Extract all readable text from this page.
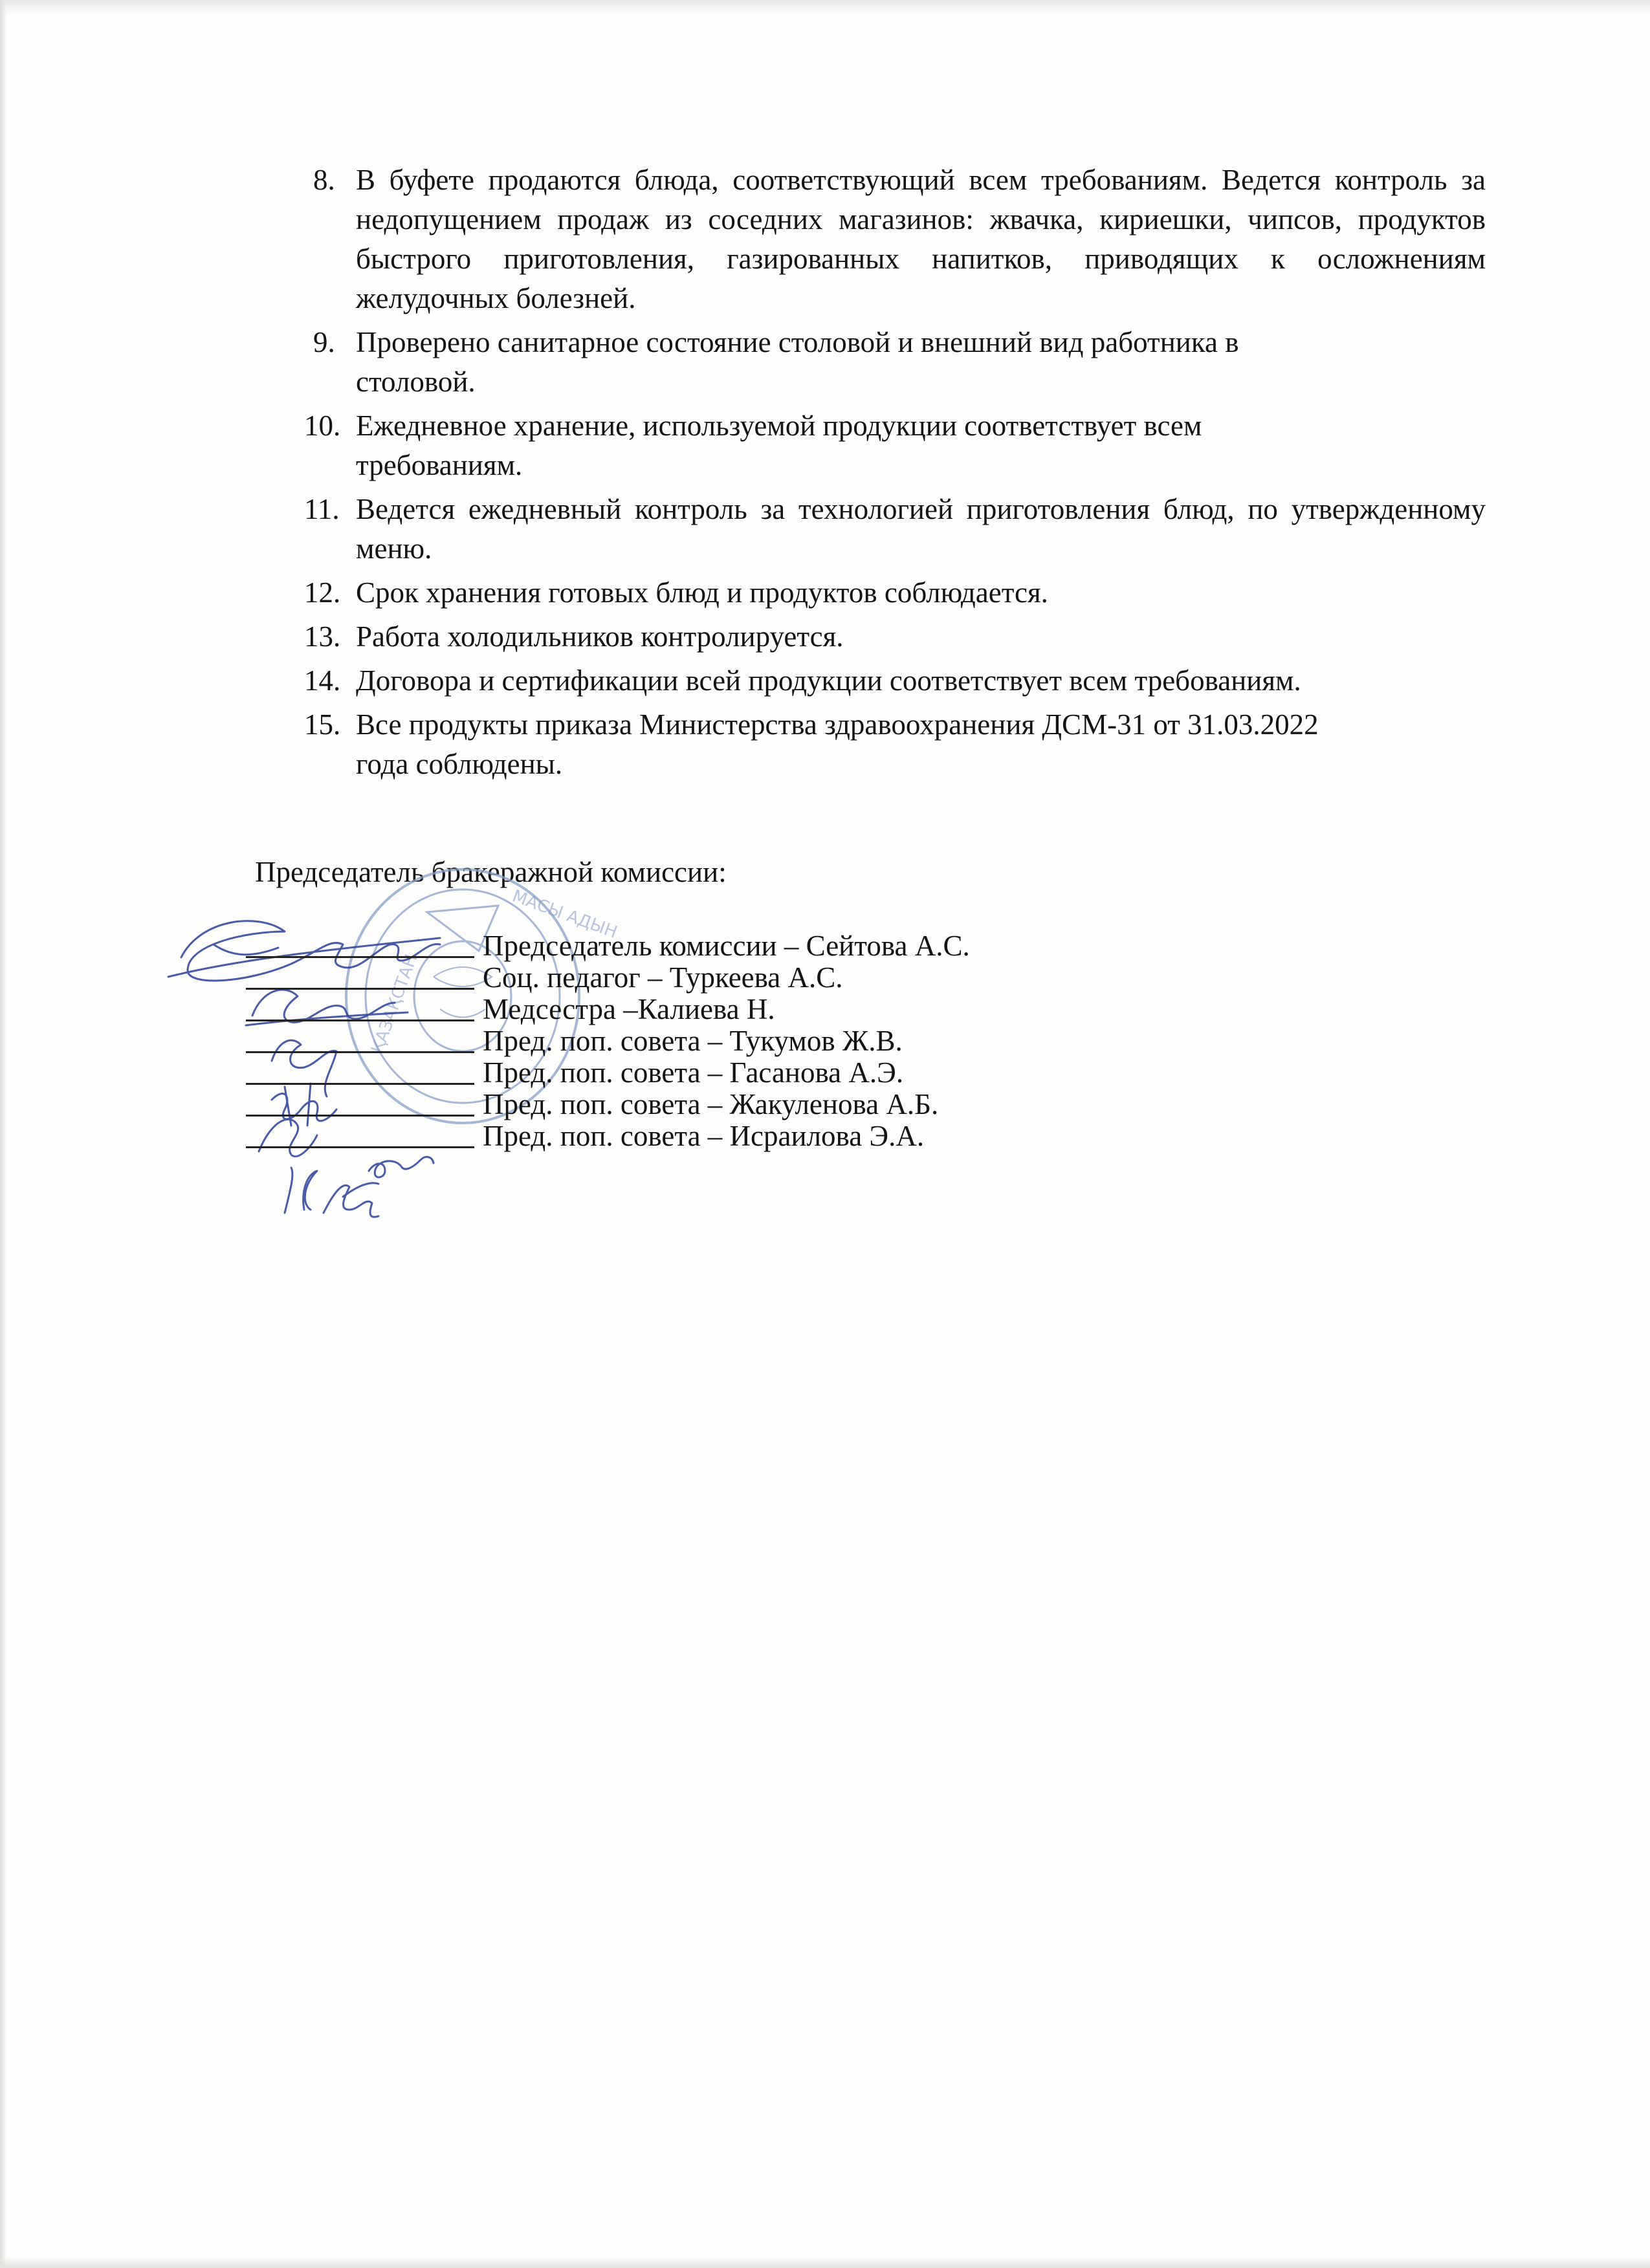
8. В буфете продаются блюда, соответствующий всем требованиям. Ведется контроль за недопущением продаж из соседних магазинов: жвачка, кириешки, чипсов, продуктов быстрого приготовления, газированных напитков, приводящих к осложнениям желудочных болезней.
9. Проверено санитарное состояние столовой и внешний вид работника в столовой.
10. Ежедневное хранение, используемой продукции соответствует всем требованиям.
11. Ведется ежедневный контроль за технологией приготовления блюд, по утвержденному меню.
12. Срок хранения готовых блюд и продуктов соблюдается.
13. Работа холодильников контролируется.
14. Договора и сертификации всей продукции соответствует всем требованиям.
15. Все продукты приказа Министерства здравоохранения ДСМ-31 от 31.03.2022 года соблюдены.

Председатель бракеражной комиссии:

ҚАЗАҚСТАН
МАСЫ АДЫН
Председатель комиссии – Сейтова А.С.
Соц. педагог – Туркеева А.С.
Медсестра –Калиева Н.
Пред. поп. совета – Тукумов Ж.В.
Пред. поп. совета – Гасанова А.Э.
Пред. поп. совета – Жакуленова А.Б.
Пред. поп. совета – Исраилова Э.А.
